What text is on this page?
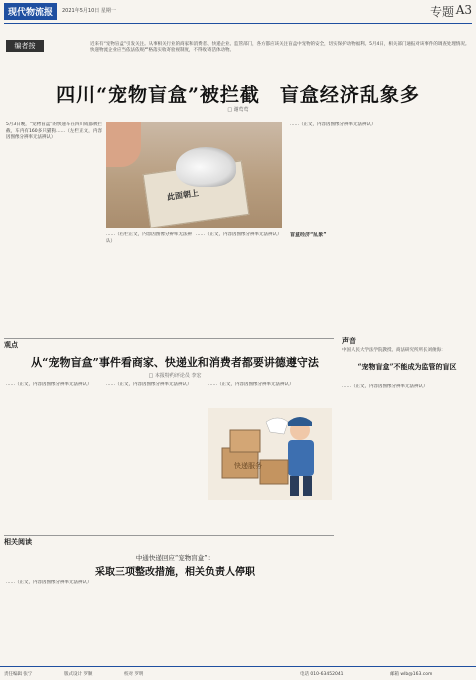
现代物流报	2021年5月10日 星期一	专题 A3
编者按	近来有“宠物盲盒”引发关注。从事相关行业的商家和消费者、快递企业、监管部门，各方都应该关注盲盒中宠物的安全，切实保护动物福利。5月4日，相关部门通报对该事件的调查处理情况。快递物流企业应当依法依规严格落实收寄验视制度，不得收寄活体动物。
四川“宠物盲盒”被拦截　盲盒经济乱象多
□ 谢莺莺
5月3日晚，“宠物盲盒”的快递车在四川成都被拦截，车内有160多只猫狗……（左栏正文，内容因图像分辨率无法辨认）
此面朝上
……（右栏正文，内容因图像分辨率无法辨认）
……（正文，内容因图像分辨率无法辨认）
……（正文，内容因图像分辨率无法辨认）
盲盒经济“乱象”
观点
从“宠物盲盒”事件看商家、快递业和消费者都要讲德遵守法
□ 本报特约评论员 李宏
……（正文，内容因图像分辨率无法辨认）	……（正文，内容因图像分辨率无法辨认）	……（正文，内容因图像分辨率无法辨认）
快递服务
声音
中国人民大学法学院教授、商法研究所所长刘俊海：
“宠物盲盒”不能成为监管的盲区
……（正文，内容因图像分辨率无法辨认）
相关阅读
中通快递回应“宠物盲盒”：
采取三项整改措施，相关负责人停职
……（正文，内容因图像分辨率无法辨认）
责任编辑 张宁	版式设计 罗顺	校对 罗明	电话 010-63452041	邮箱 wlb@163.com
